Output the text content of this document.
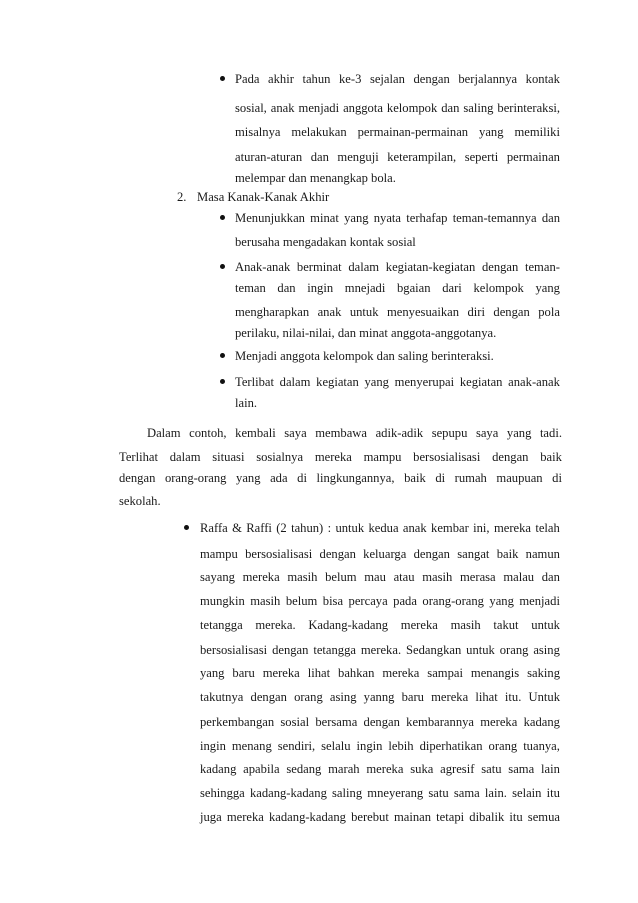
Pada akhir tahun ke-3 sejalan dengan berjalannya kontak
sosial, anak menjadi anggota kelompok dan saling berinteraksi,
misalnya melakukan permainan-permainan yang memiliki
aturan-aturan dan menguji keterampilan, seperti permainan
melempar dan menangkap bola.
2. Masa Kanak-Kanak Akhir
Menunjukkan minat yang nyata terhafap teman-temannya dan
berusaha mengadakan kontak sosial
Anak-anak berminat dalam kegiatan-kegiatan dengan teman-
teman dan ingin mnejadi bgaian dari kelompok yang
mengharapkan anak untuk menyesuaikan diri dengan pola
perilaku, nilai-nilai, dan minat anggota-anggotanya.
Menjadi anggota kelompok dan saling berinteraksi.
Terlibat dalam kegiatan yang menyerupai kegiatan anak-anak
lain.
Dalam contoh, kembali saya membawa adik-adik sepupu saya yang tadi.
Terlihat dalam situasi sosialnya mereka mampu bersosialisasi dengan baik
dengan orang-orang yang ada di lingkungannya, baik di rumah maupuan di
sekolah.
Raffa & Raffi (2 tahun) : untuk kedua anak kembar ini, mereka telah
mampu bersosialisasi dengan keluarga dengan sangat baik namun
sayang mereka masih belum mau atau masih merasa malau dan
mungkin masih belum bisa percaya pada orang-orang yang menjadi
tetangga mereka. Kadang-kadang mereka masih takut untuk
bersosialisasi dengan tetangga mereka. Sedangkan untuk orang asing
yang baru mereka lihat bahkan mereka sampai menangis saking
takutnya dengan orang asing yanng baru mereka lihat itu. Untuk
perkembangan sosial bersama dengan kembarannya mereka kadang
ingin menang sendiri, selalu ingin lebih diperhatikan orang tuanya,
kadang apabila sedang marah mereka suka agresif satu sama lain
sehingga kadang-kadang saling mneyerang satu sama lain. selain itu
juga mereka kadang-kadang berebut mainan tetapi dibalik itu semua
